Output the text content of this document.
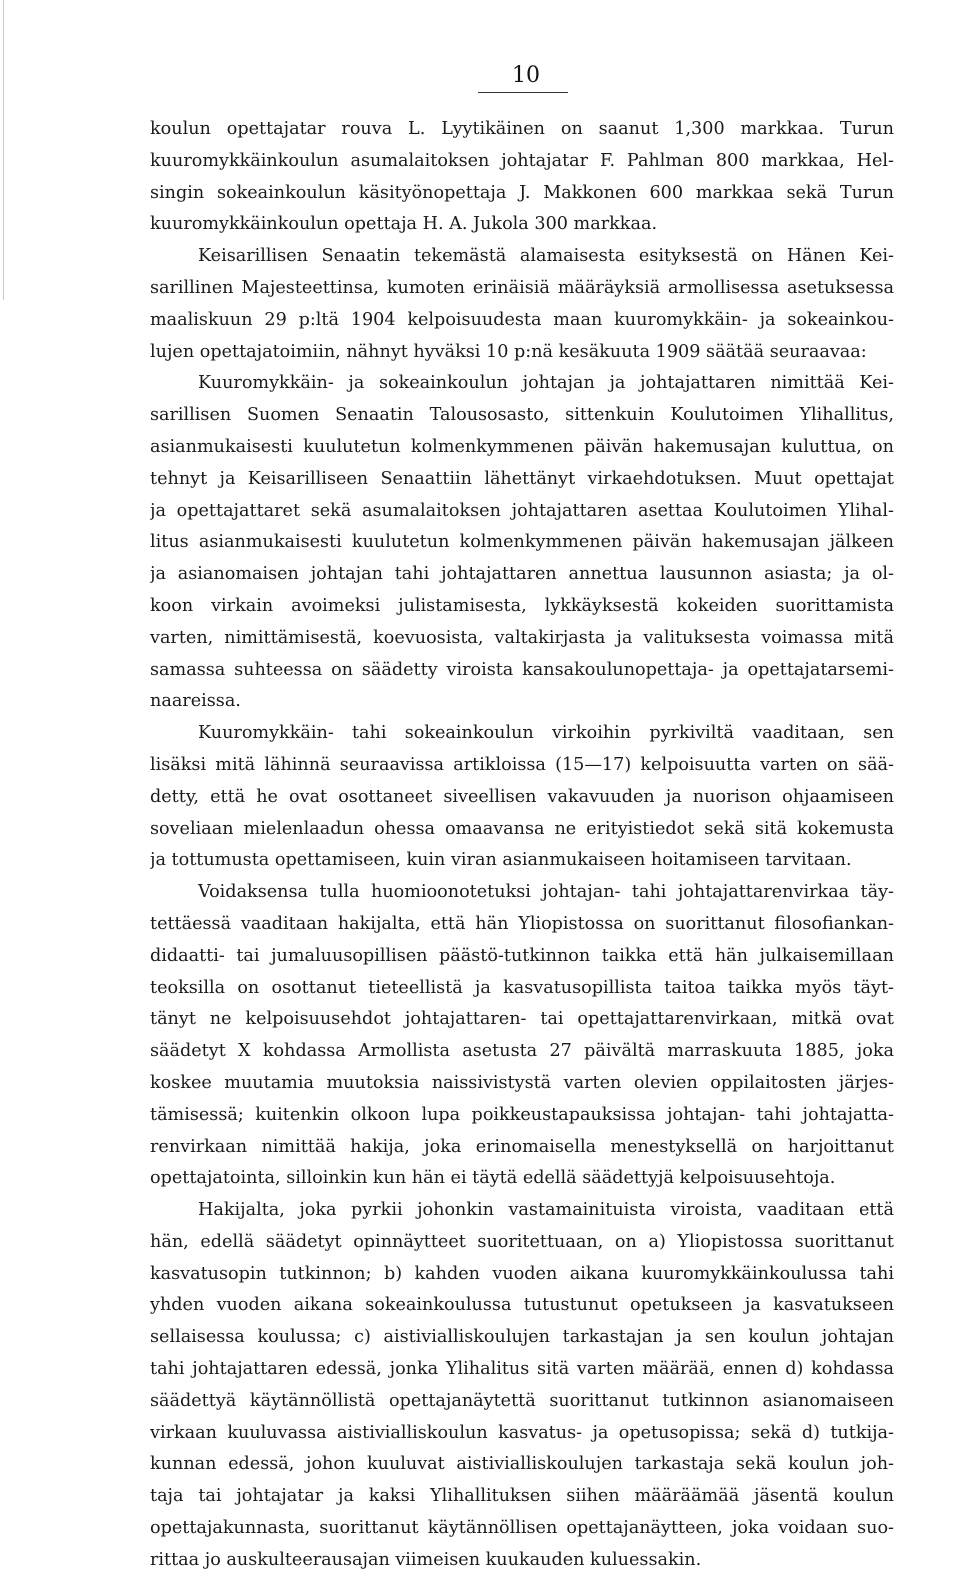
10
koulun opettajatar rouva L. Lyytikäinen on saanut 1,300 markkaa. Turun
kuuromykkäinkoulun asumalaitoksen johtajatar F. Pahlman 800 markkaa, Hel-
singin sokeainkoulun käsityönopettaja J. Makkonen 600 markkaa sekä Turun
kuuromykkäinkoulun opettaja H. A. Jukola 300 markkaa.
Keisarillisen Senaatin tekemästä alamaisesta esityksestä on Hänen Kei-
sarillinen Majesteettinsa, kumoten erinäisiä määräyksiä armollisessa asetuksessa
maaliskuun 29 p:ltä 1904 kelpoisuudesta maan kuuromykkäin- ja sokeainkou-
lujen opettajatoimiin, nähnyt hyväksi 10 p:nä kesäkuuta 1909 säätää seuraavaa:
Kuuromykkäin- ja sokeainkoulun johtajan ja johtajattaren nimittää Kei-
sarillisen Suomen Senaatin Talousosasto, sittenkuin Koulutoimen Ylihallitus,
asianmukaisesti kuulutetun kolmenkymmenen päivän hakemusajan kuluttua, on
tehnyt ja Keisarilliseen Senaattiin lähettänyt virkaehdotuksen. Muut opettajat
ja opettajattaret sekä asumalaitoksen johtajattaren asettaa Koulutoimen Ylihal-
litus asianmukaisesti kuulutetun kolmenkymmenen päivän hakemusajan jälkeen
ja asianomaisen johtajan tahi johtajattaren annettua lausunnon asiasta; ja ol-
koon virkain avoimeksi julistamisesta, lykkäyksestä kokeiden suorittamista
varten, nimittämisestä, koevuosista, valtakirjasta ja valituksesta voimassa mitä
samassa suhteessa on säädetty viroista kansakoulunopettaja- ja opettajatarsemi-
naareissa.
Kuuromykkäin- tahi sokeainkoulun virkoihin pyrkiviltä vaaditaan, sen
lisäksi mitä lähinnä seuraavissa artikloissa (15—17) kelpoisuutta varten on sää-
detty, että he ovat osottaneet siveellisen vakavuuden ja nuorison ohjaamiseen
soveliaan mielenlaadun ohessa omaavansa ne erityistiedot sekä sitä kokemusta
ja tottumusta opettamiseen, kuin viran asianmukaiseen hoitamiseen tarvitaan.
Voidaksensa tulla huomioonotetuksi johtajan- tahi johtajattarenvirkaa täy-
tettäessä vaaditaan hakijalta, että hän Yliopistossa on suorittanut filosofiankan-
didaatti- tai jumaluusopillisen päästö-tutkinnon taikka että hän julkaisemillaan
teoksilla on osottanut tieteellistä ja kasvatusopillista taitoa taikka myös täyt-
tänyt ne kelpoisuusehdot johtajattaren- tai opettajattarenvirkaan, mitkä ovat
säädetyt X kohdassa Armollista asetusta 27 päivältä marraskuuta 1885, joka
koskee muutamia muutoksia naissivistystä varten olevien oppilaitosten järjes-
tämisessä; kuitenkin olkoon lupa poikkeustapauksissa johtajan- tahi johtajatta-
renvirkaan nimittää hakija, joka erinomaisella menestyksellä on harjoittanut
opettajatointa, silloinkin kun hän ei täytä edellä säädettyjä kelpoisuusehtoja.
Hakijalta, joka pyrkii johonkin vastamainituista viroista, vaaditaan että
hän, edellä säädetyt opinnäytteet suoritettuaan, on a) Yliopistossa suorittanut
kasvatusopin tutkinnon; b) kahden vuoden aikana kuuromykkäinkoulussa tahi
yhden vuoden aikana sokeainkoulussa tutustunut opetukseen ja kasvatukseen
sellaisessa koulussa; c) aistivialliskoulujen tarkastajan ja sen koulun johtajan
tahi johtajattaren edessä, jonka Ylihalitus sitä varten määrää, ennen d) kohdassa
säädettyä käytännöllistä opettajanäytettä suorittanut tutkinnon asianomaiseen
virkaan kuuluvassa aistivialliskoulun kasvatus- ja opetusopissa; sekä d) tutkija-
kunnan edessä, johon kuuluvat aistivialliskoulujen tarkastaja sekä koulun joh-
taja tai johtajatar ja kaksi Ylihallituksen siihen määräämää jäsentä koulun
opettajakunnasta, suorittanut käytännöllisen opettajanäytteen, joka voidaan suo-
rittaa jo auskulteerausajan viimeisen kuukauden kuluessakin.
